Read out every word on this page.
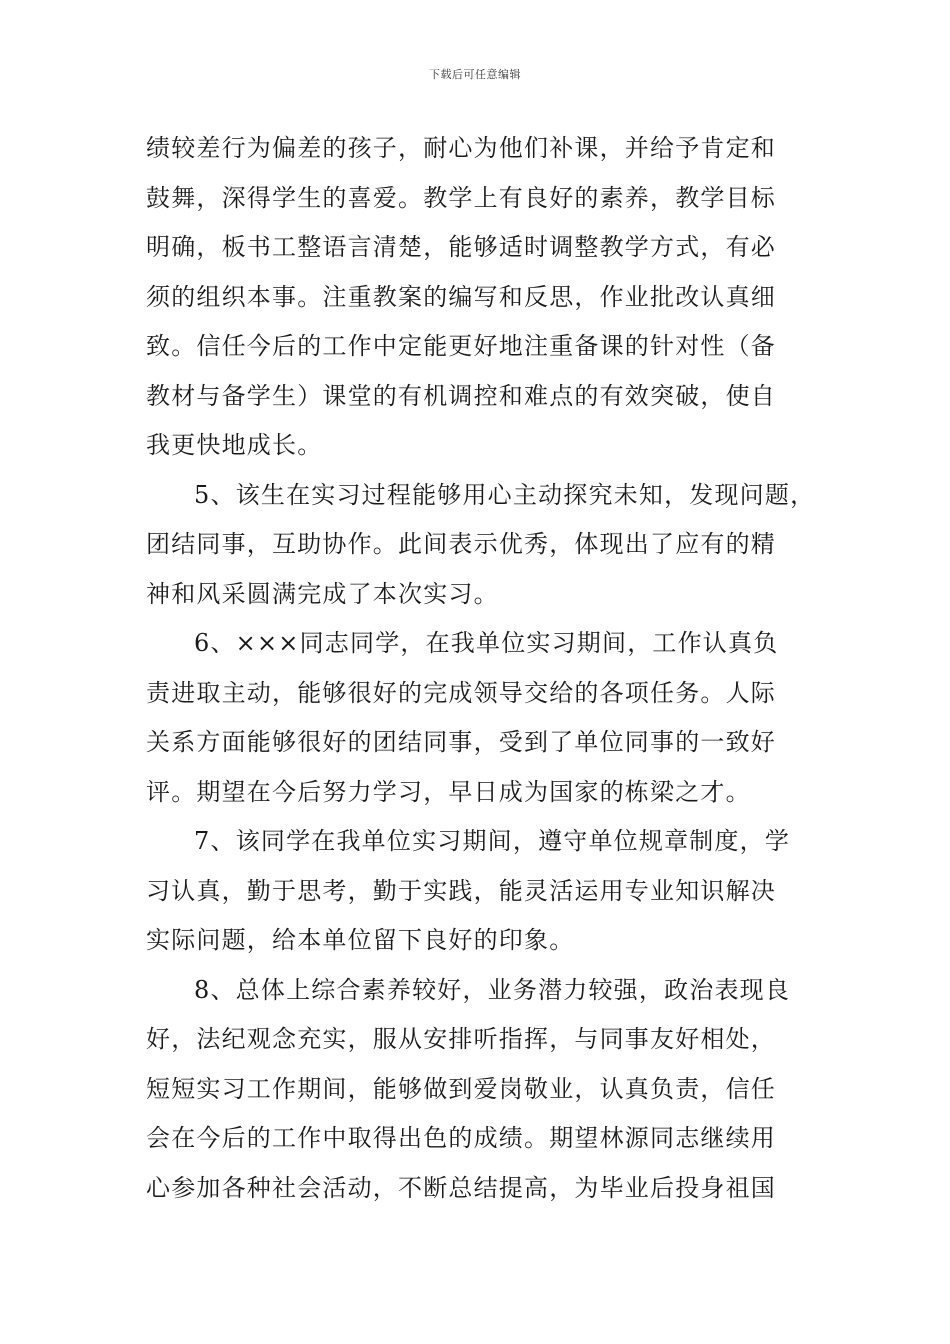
下载后可任意编辑
绩较差行为偏差的孩子，耐心为他们补课，并给予肯定和
鼓舞，深得学生的喜爱。教学上有良好的素养，教学目标
明确，板书工整语言清楚，能够适时调整教学方式，有必
须的组织本事。注重教案的编写和反思，作业批改认真细
致。信任今后的工作中定能更好地注重备课的针对性（备
教材与备学生）课堂的有机调控和难点的有效突破，使自
我更快地成长。
5、该生在实习过程能够用心主动探究未知，发现问题，
团结同事，互助协作。此间表示优秀，体现出了应有的精
神和风采圆满完成了本次实习。
6、×××同志同学，在我单位实习期间，工作认真负
责进取主动，能够很好的完成领导交给的各项任务。人际
关系方面能够很好的团结同事，受到了单位同事的一致好
评。期望在今后努力学习，早日成为国家的栋梁之才。
7、该同学在我单位实习期间，遵守单位规章制度，学
习认真，勤于思考，勤于实践，能灵活运用专业知识解决
实际问题，给本单位留下良好的印象。
8、总体上综合素养较好，业务潜力较强，政治表现良
好，法纪观念充实，服从安排听指挥，与同事友好相处，
短短实习工作期间，能够做到爱岗敬业，认真负责，信任
会在今后的工作中取得出色的成绩。期望林源同志继续用
心参加各种社会活动，不断总结提高，为毕业后投身祖国
